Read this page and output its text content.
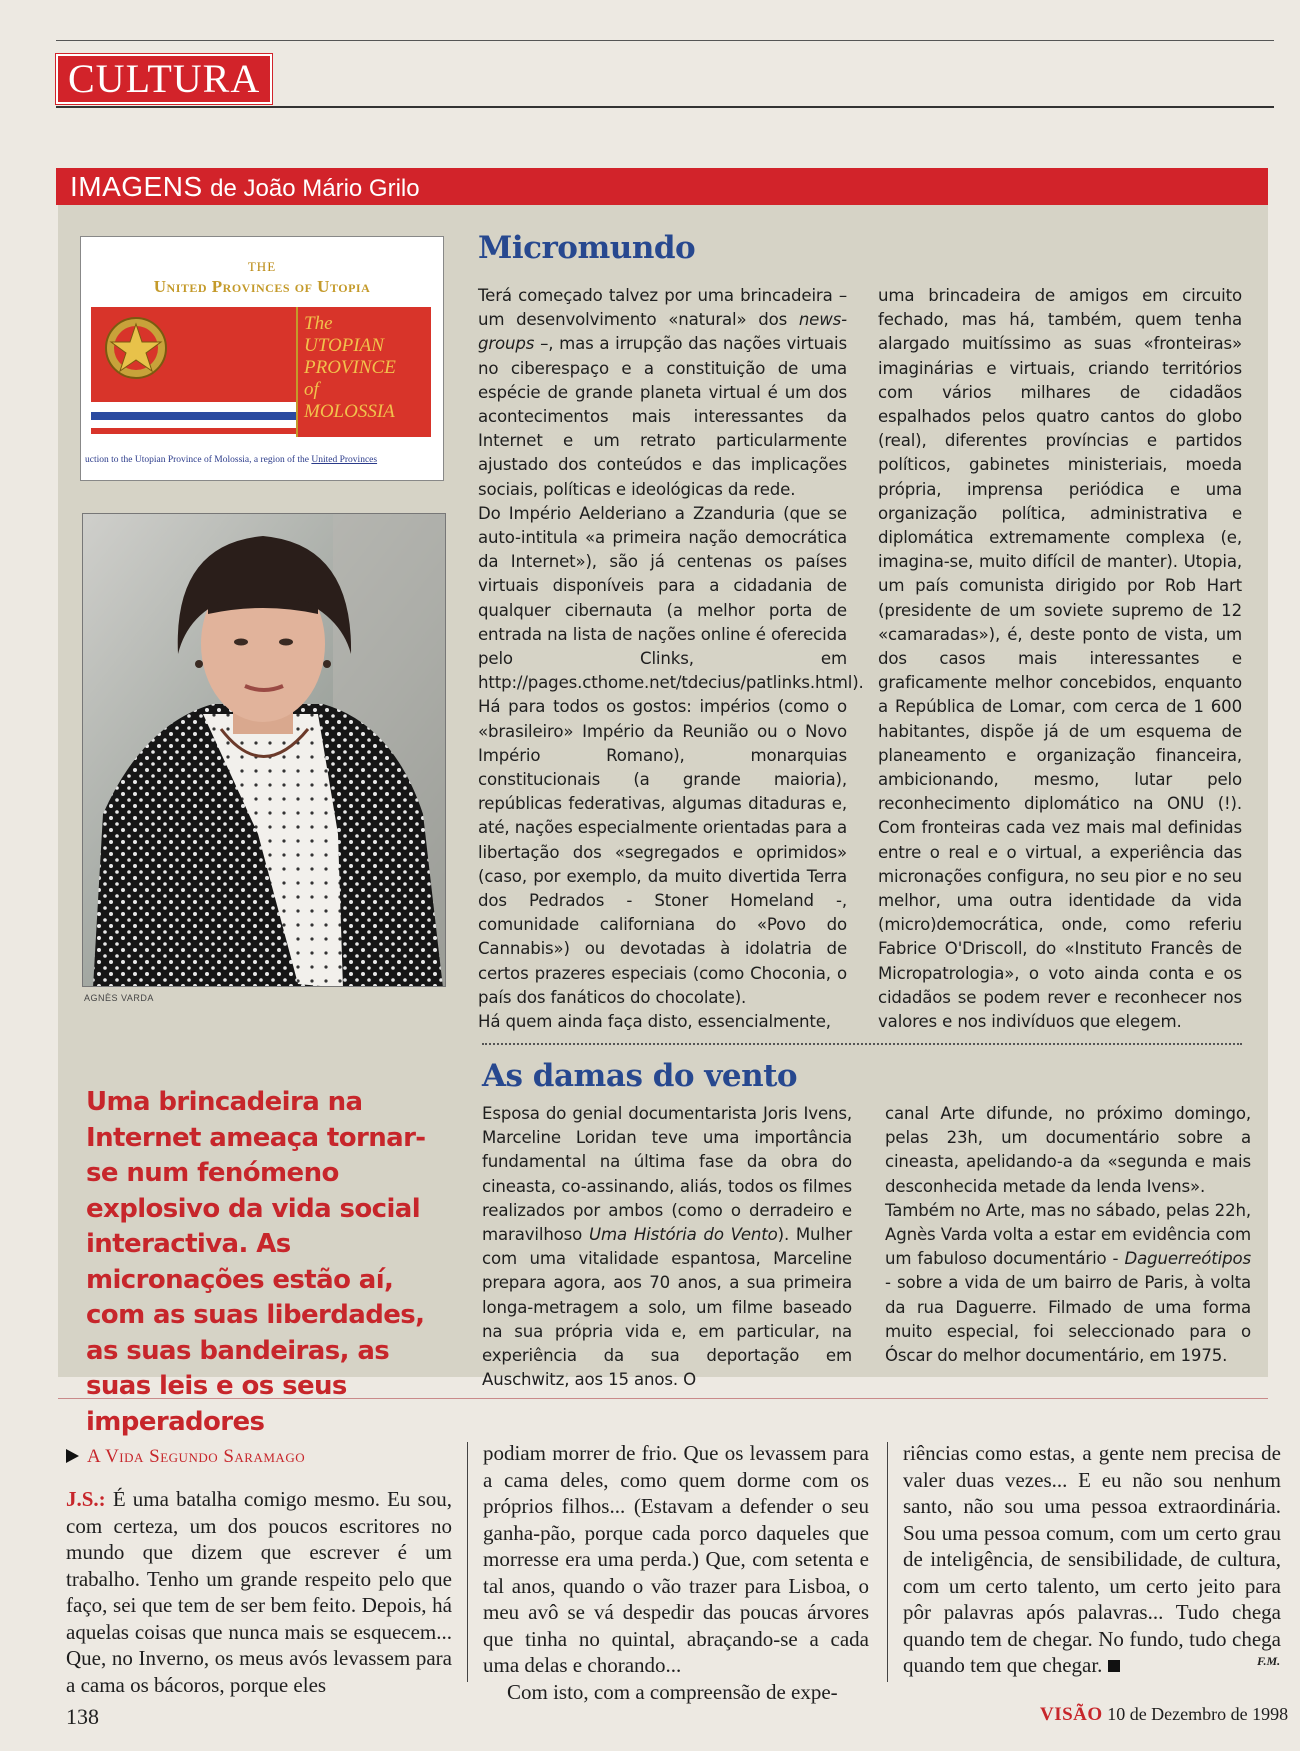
CULTURA
IMAGENS de João Mário Grilo
THE
United Provinces of Utopia
The
UTOPIAN
PROVINCE
of
MOLOSSIA
uction to the Utopian Province of Molossia, a region of the United Provinces
AGNÈS VARDA
Uma brincadeira na Internet ameaça tornar-se num fenómeno explosivo da vida social interactiva. As micronações estão aí, com as suas liberdades, as suas bandeiras, as suas leis e os seus imperadores
Micromundo

Terá começado talvez por uma brincadeira – um desenvolvimento «natural» dos news-groups –, mas a irrupção das nações virtuais no ciberespaço e a constituição de uma espécie de grande planeta virtual é um dos acontecimentos mais interessantes da Internet e um retrato particularmente ajustado dos conteúdos e das implicações sociais, políticas e ideológicas da rede.

Do Império Aelderiano a Zzanduria (que se auto-intitula «a primeira nação democrática da Internet»), são já centenas os países virtuais disponíveis para a cidadania de qualquer cibernauta (a melhor porta de entrada na lista de nações online é oferecida pelo Clinks, em http://pages.cthome.net/tdecius/patlinks.html). Há para todos os gostos: impérios (como o «brasileiro» Império da Reunião ou o Novo Império Romano), monarquias constitucionais (a grande maioria), repúblicas federativas, algumas ditaduras e, até, nações especialmente orientadas para a libertação dos «segregados e oprimidos» (caso, por exemplo, da muito divertida Terra dos Pedrados - Stoner Homeland -, comunidade californiana do «Povo do Cannabis») ou devotadas à idolatria de certos prazeres especiais (como Choconia, o país dos fanáticos do chocolate).

Há quem ainda faça disto, essencialmente,

uma brincadeira de amigos em circuito fechado, mas há, também, quem tenha alargado muitíssimo as suas «fronteiras» imaginárias e virtuais, criando territórios com vários milhares de cidadãos espalhados pelos quatro cantos do globo (real), diferentes províncias e partidos políticos, gabinetes ministeriais, moeda própria, imprensa periódica e uma organização política, administrativa e diplomática extremamente complexa (e, imagina-se, muito difícil de manter). Utopia, um país comunista dirigido por Rob Hart (presidente de um soviete supremo de 12 «camaradas»), é, deste ponto de vista, um dos casos mais interessantes e graficamente melhor concebidos, enquanto a República de Lomar, com cerca de 1 600 habitantes, dispõe já de um esquema de planeamento e organização financeira, ambicionando, mesmo, lutar pelo reconhecimento diplomático na ONU (!). Com fronteiras cada vez mais mal definidas entre o real e o virtual, a experiência das micronações configura, no seu pior e no seu melhor, uma outra identidade da vida (micro)democrática, onde, como referiu Fabrice O'Driscoll, do «Instituto Francês de Micropatrologia», o voto ainda conta e os cidadãos se podem rever e reconhecer nos valores e nos indivíduos que elegem.

As damas do vento

Esposa do genial documentarista Joris Ivens, Marceline Loridan teve uma importância fundamental na última fase da obra do cineasta, co-assinando, aliás, todos os filmes realizados por ambos (como o derradeiro e maravilhoso Uma História do Vento). Mulher com uma vitalidade espantosa, Marceline prepara agora, aos 70 anos, a sua primeira longa-metragem a solo, um filme baseado na sua própria vida e, em particular, na experiência da sua deportação em Auschwitz, aos 15 anos. O

canal Arte difunde, no próximo domingo, pelas 23h, um documentário sobre a cineasta, apelidando-a da «segunda e mais desconhecida metade da lenda Ivens».

Também no Arte, mas no sábado, pelas 22h, Agnès Varda volta a estar em evidência com um fabuloso documentário - Daguerreótipos - sobre a vida de um bairro de Paris, à volta da rua Daguerre. Filmado de uma forma muito especial, foi seleccionado para o Óscar do melhor documentário, em 1975.

A Vida Segundo Saramago

J.S.: É uma batalha comigo mesmo. Eu sou, com certeza, um dos poucos escritores no mundo que dizem que escrever é um trabalho. Tenho um grande respeito pelo que faço, sei que tem de ser bem feito. Depois, há aquelas coisas que nunca mais se esquecem... Que, no Inverno, os meus avós levassem para a cama os bácoros, porque eles

podiam morrer de frio. Que os levassem para a cama deles, como quem dorme com os próprios filhos... (Estavam a defender o seu ganha-pão, porque cada porco daqueles que morresse era uma perda.) Que, com setenta e tal anos, quando o vão trazer para Lisboa, o meu avô se vá despedir das poucas árvores que tinha no quintal, abraçando-se a cada uma delas e chorando...

Com isto, com a compreensão de expe-

riências como estas, a gente nem precisa de valer duas vezes... E eu não sou nenhum santo, não sou uma pessoa extraordinária. Sou uma pessoa comum, com um certo grau de inteligência, de sensibilidade, de cultura, com um certo talento, um certo jeito para pôr palavras após palavras... Tudo chega quando tem de chegar. No fundo, tudo chega quando tem que chegar.	F.M.
138	VISÃO 10 de Dezembro de 1998
